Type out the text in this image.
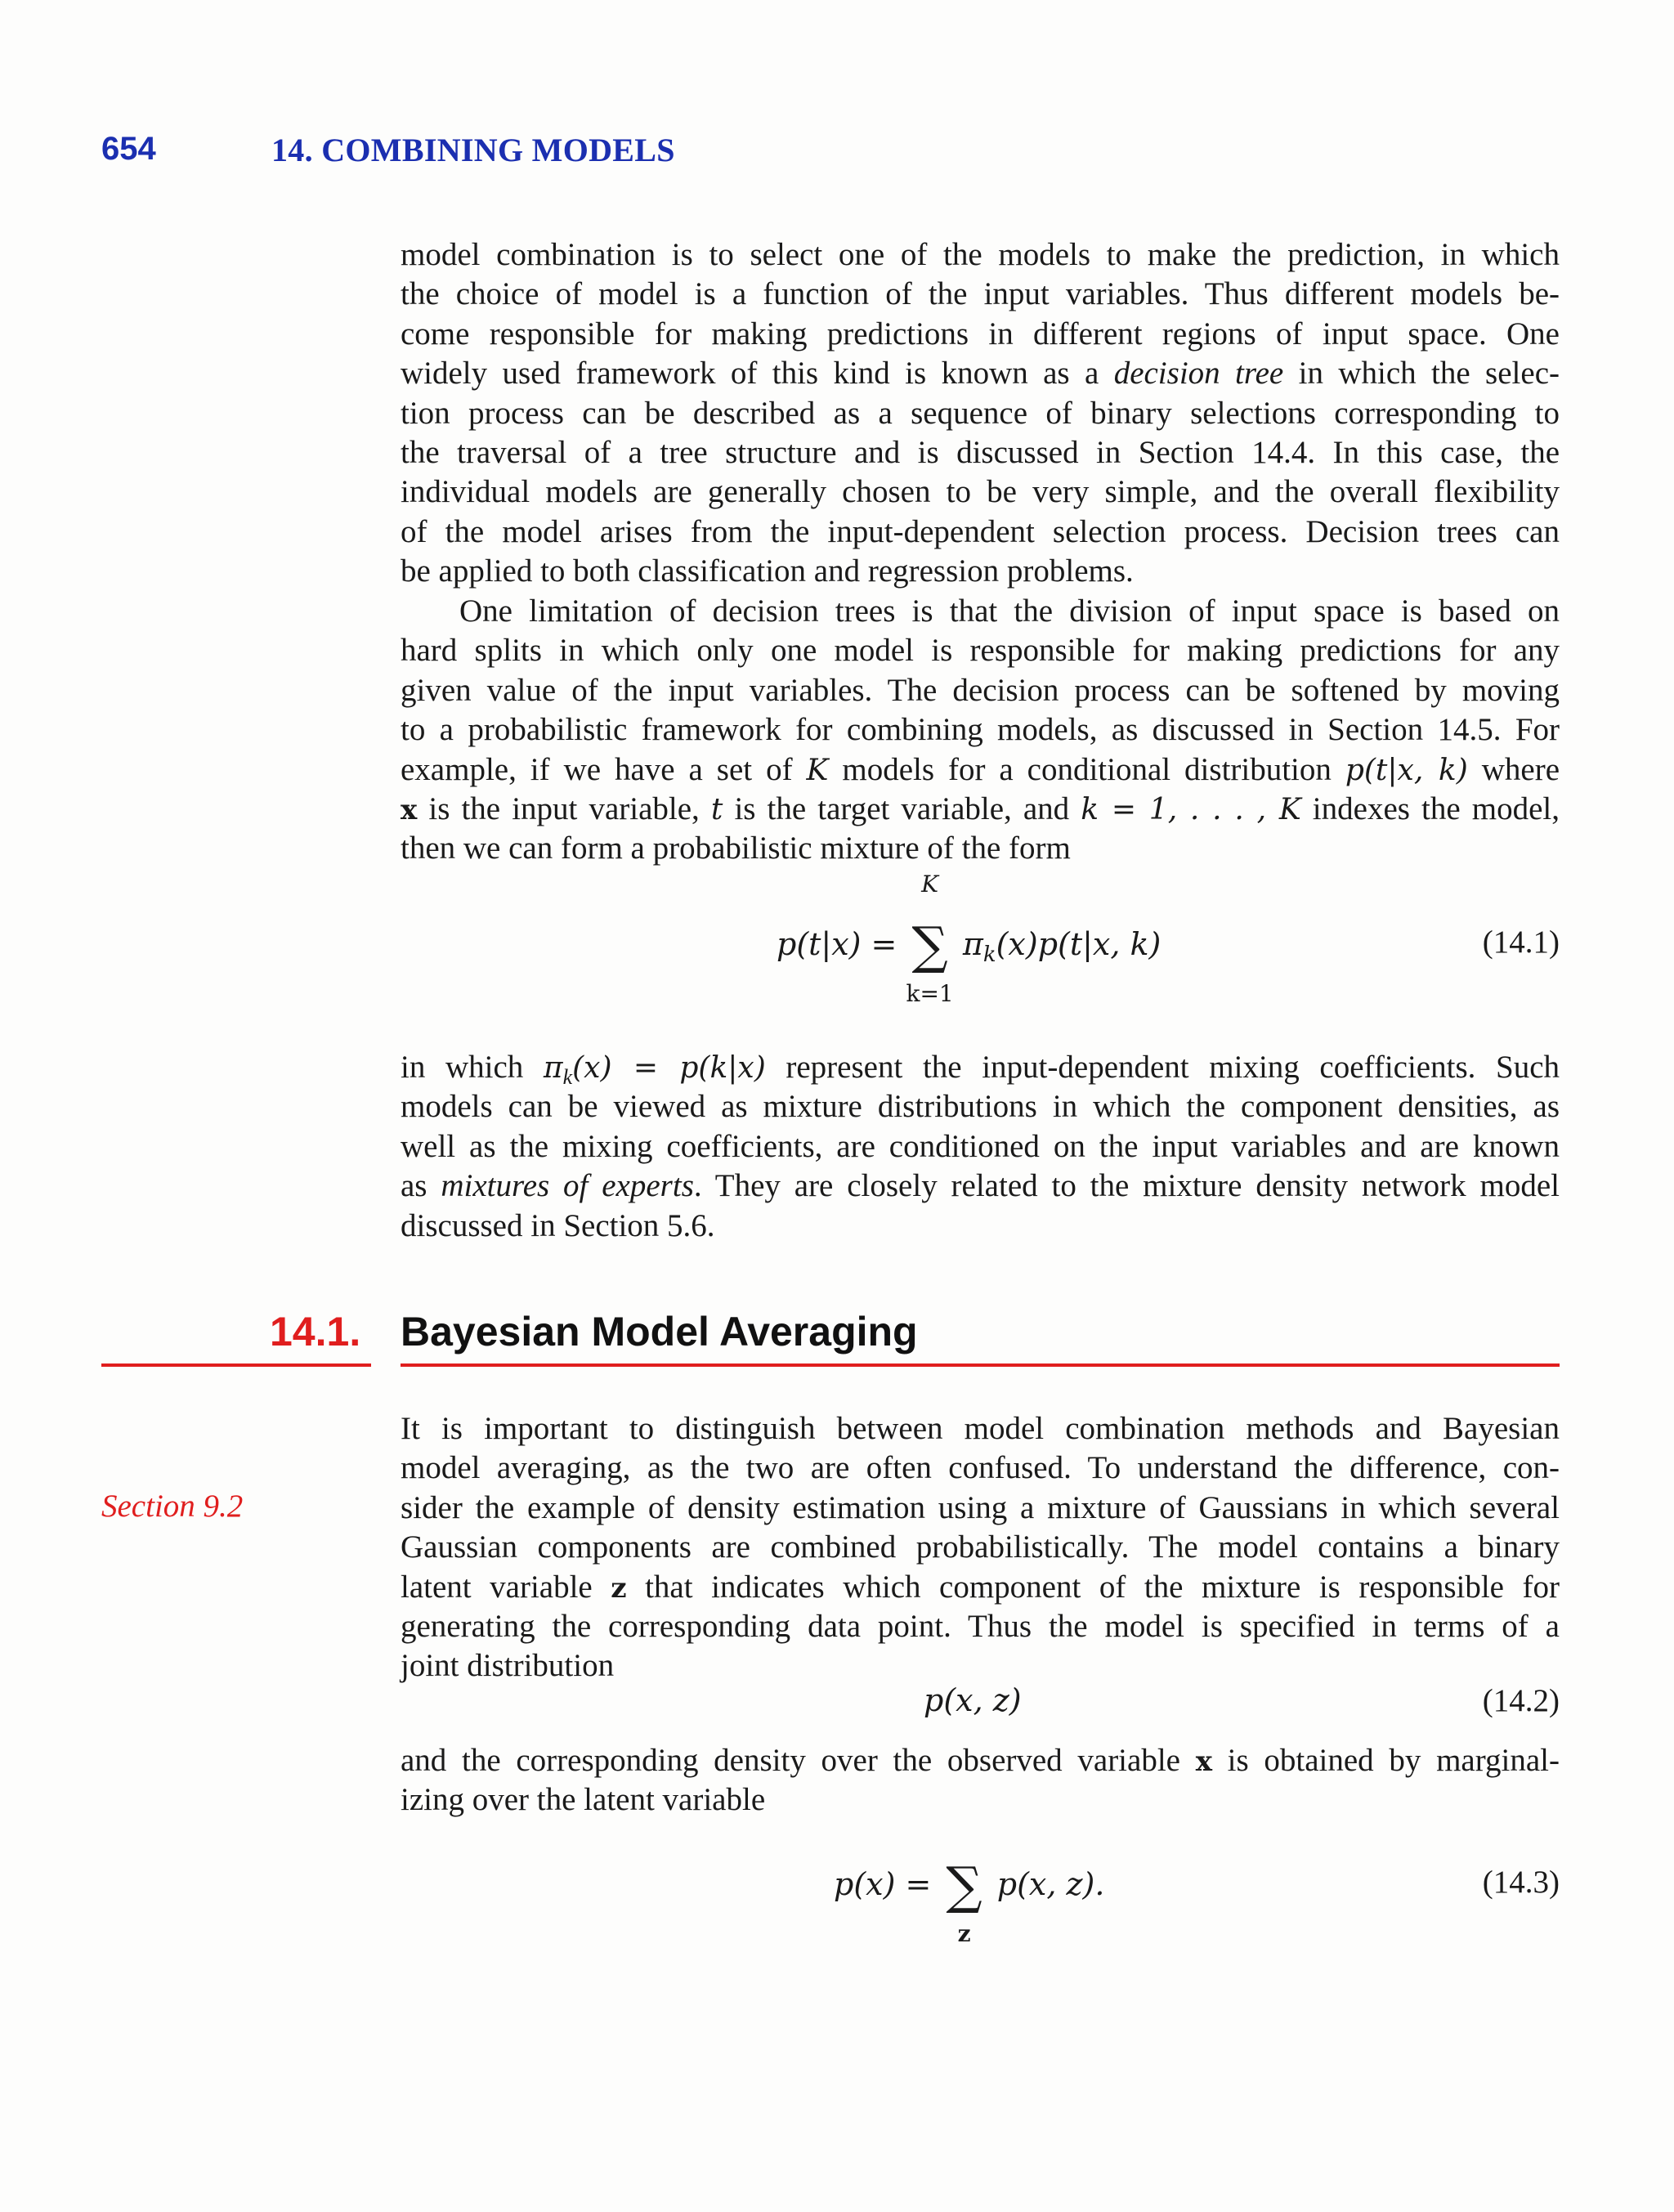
654	14. COMBINING MODELS
model combination is to select one of the models to make the prediction, in which
the choice of model is a function of the input variables. Thus different models be-
come responsible for making predictions in different regions of input space. One
widely used framework of this kind is known as a decision tree in which the selec-
tion process can be described as a sequence of binary selections corresponding to
the traversal of a tree structure and is discussed in Section 14.4. In this case, the
individual models are generally chosen to be very simple, and the overall flexibility
of the model arises from the input-dependent selection process. Decision trees can
be applied to both classification and regression problems.
One limitation of decision trees is that the division of input space is based on
hard splits in which only one model is responsible for making predictions for any
given value of the input variables. The decision process can be softened by moving
to a probabilistic framework for combining models, as discussed in Section 14.5. For
example, if we have a set of K models for a conditional distribution p(t|x, k) where
x is the input variable, t is the target variable, and k = 1, . . . , K indexes the model,
then we can form a probabilistic mixture of the form
p(t|x) = ∑
K
k=1
$\pi_k(x)p(t|x$, k)	(14.1)
in which $\pi_k(x) = p(k|x)$ represent the input-dependent mixing coefficients. Such
models can be viewed as mixture distributions in which the component densities, as
well as the mixing coefficients, are conditioned on the input variables and are known
as mixtures of experts. They are closely related to the mixture density network model
discussed in Section 5.6.
14.1. Bayesian Model Averaging
Section 9.2
It is important to distinguish between model combination methods and Bayesian
model averaging, as the two are often confused. To understand the difference, con-
sider the example of density estimation using a mixture of Gaussians in which several
Gaussian components are combined probabilistically. The model contains a binary
latent variable z that indicates which component of the mixture is responsible for
generating the corresponding data point. Thus the model is specified in terms of a
joint distribution
p(x, z)	(14.2)
and the corresponding density over the observed variable x is obtained by marginal-
izing over the latent variable
p(x) = ∑
z
p(x, z).	(14.3)
